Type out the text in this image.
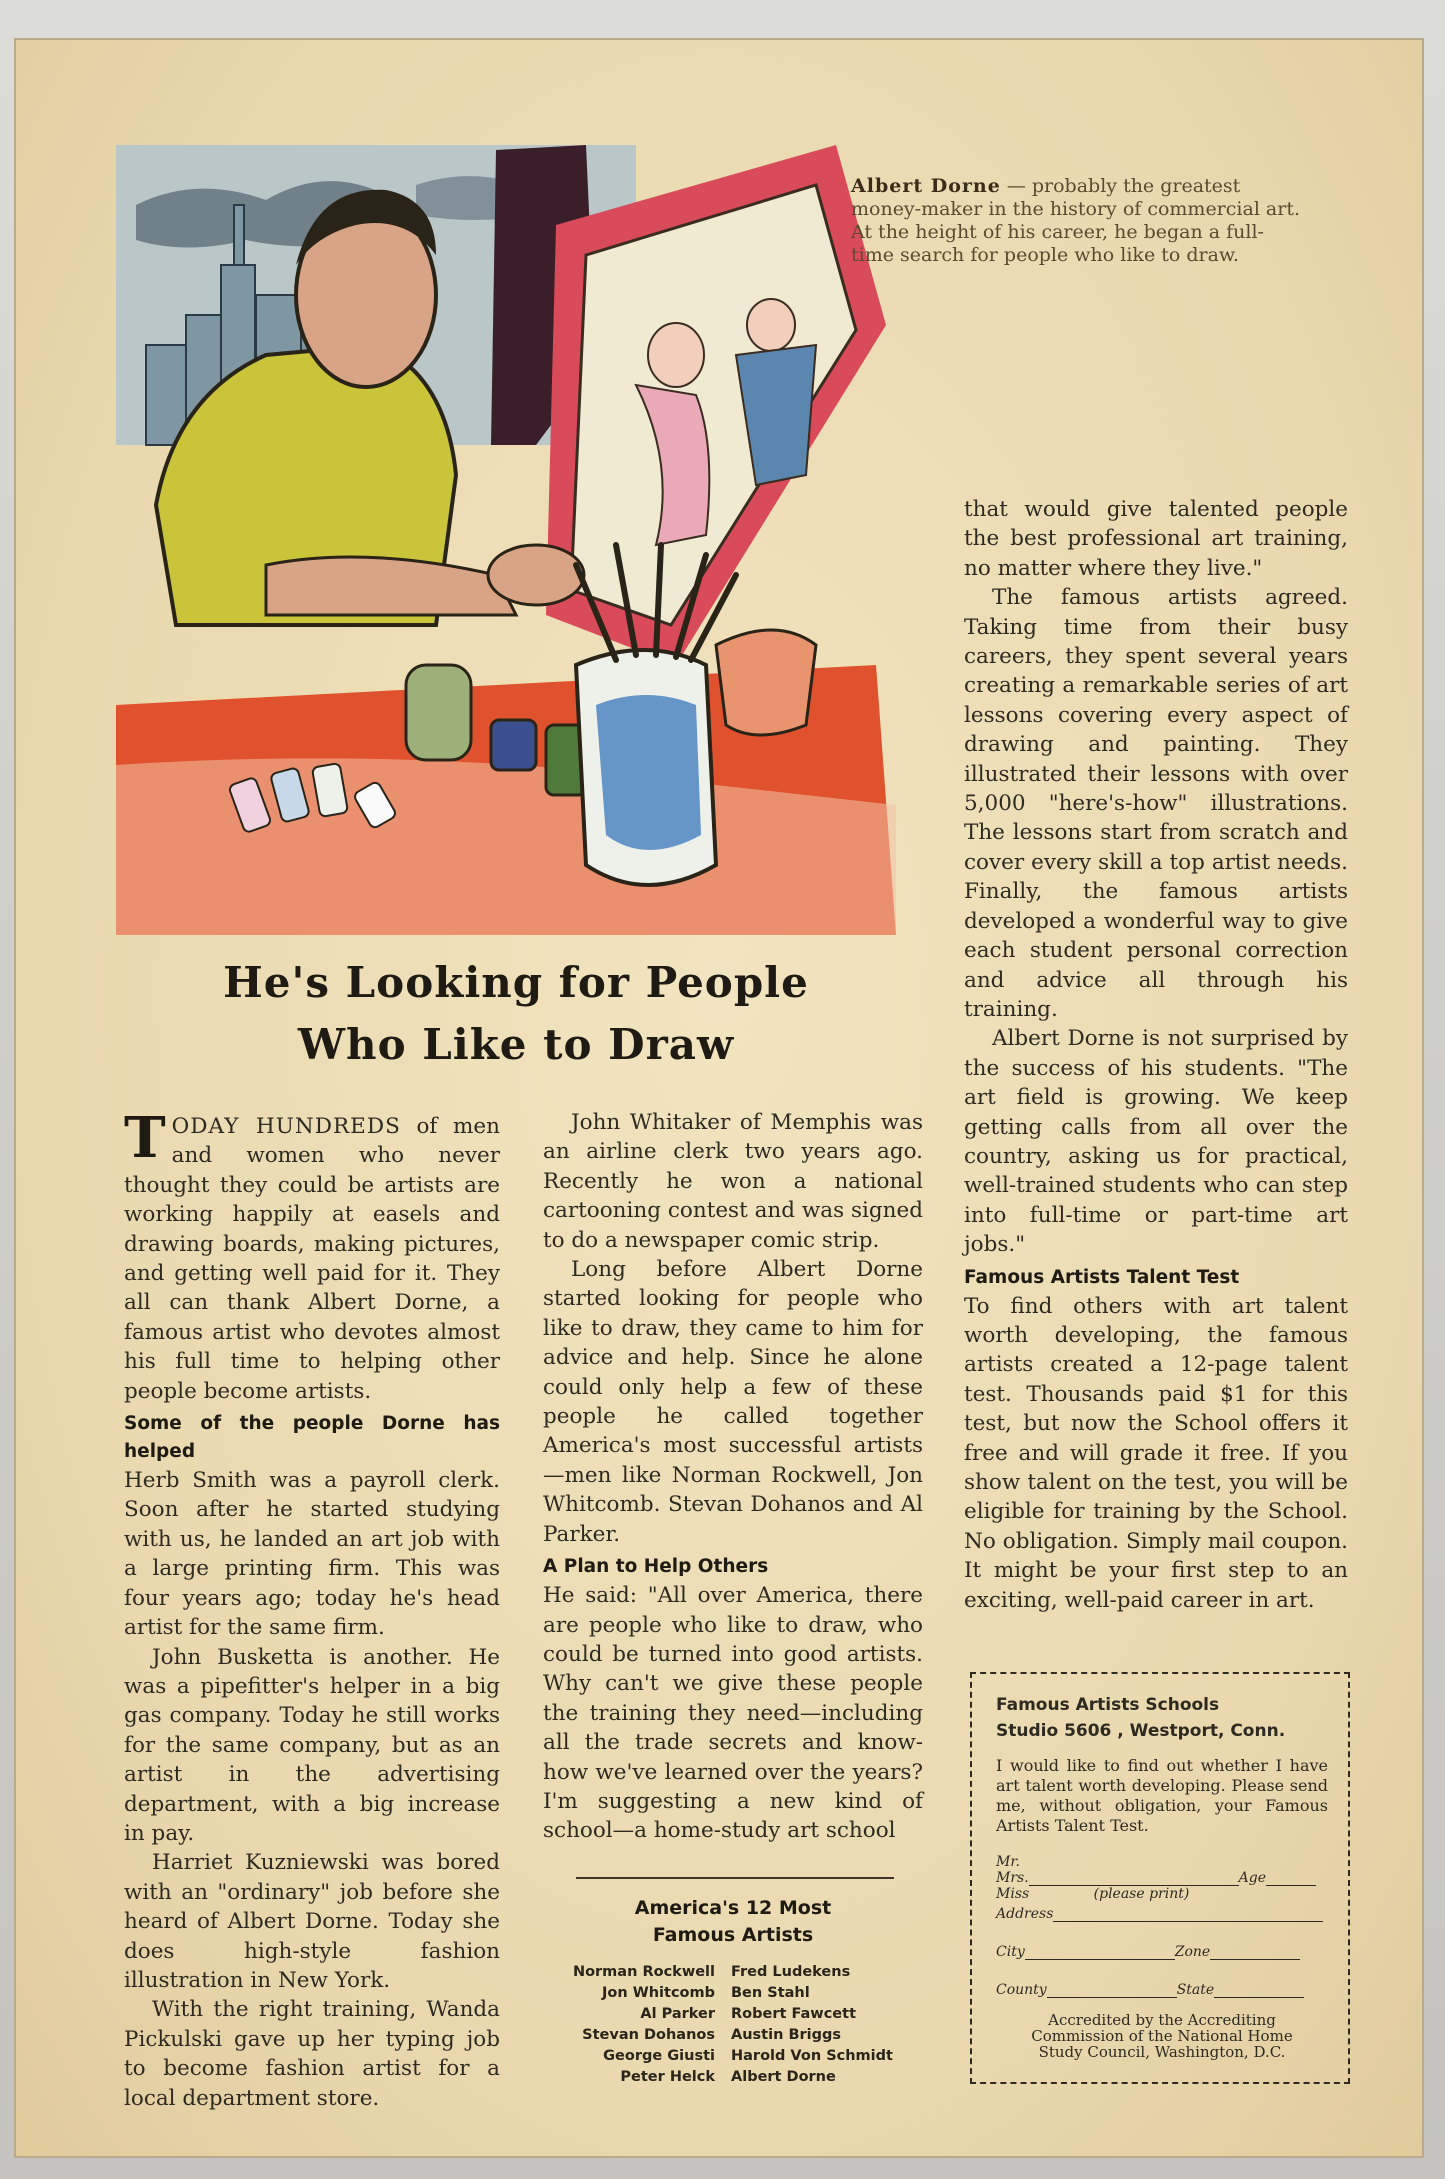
Albert Dorne — probably the greatest money-maker in the history of commercial art. At the height of his career, he began a full-time search for people who like to draw.
He's Looking for People
Who Like to Draw

TODAY HUNDREDS of men and women who never thought they could be artists are working happily at easels and drawing boards, making pictures, and getting well paid for it. They all can thank Albert Dorne, a famous artist who devotes almost his full time to helping other people become artists.

Some of the people Dorne has helped

Herb Smith was a payroll clerk. Soon after he started studying with us, he landed an art job with a large printing firm. This was four years ago; today he's head artist for the same firm.

John Busketta is another. He was a pipefitter's helper in a big gas company. Today he still works for the same company, but as an artist in the advertising department, with a big increase in pay.

Harriet Kuzniewski was bored with an "ordinary" job before she heard of Albert Dorne. Today she does high-style fashion illustration in New York.

With the right training, Wanda Pickulski gave up her typing job to become fashion artist for a local department store.

John Whitaker of Memphis was an airline clerk two years ago. Recently he won a national cartooning contest and was signed to do a newspaper comic strip.

Long before Albert Dorne started looking for people who like to draw, they came to him for advice and help. Since he alone could only help a few of these people he called together America's most successful artists —men like Norman Rockwell, Jon Whitcomb. Stevan Dohanos and Al Parker.

A Plan to Help Others

He said: "All over America, there are people who like to draw, who could be turned into good artists. Why can't we give these people the training they need—including all the trade secrets and know-how we've learned over the years? I'm suggesting a new kind of school—a home-study art school

America's 12 Most
Famous Artists
Norman Rockwell	Fred Ludekens
Jon Whitcomb	Ben Stahl
Al Parker	Robert Fawcett
Stevan Dohanos	Austin Briggs
George Giusti	Harold Von Schmidt
Peter Helck	Albert Dorne

that would give talented people the best professional art training, no matter where they live."

The famous artists agreed. Taking time from their busy careers, they spent several years creating a remarkable series of art lessons covering every aspect of drawing and painting. They illustrated their lessons with over 5,000 "here's-how" illustrations. The lessons start from scratch and cover every skill a top artist needs. Finally, the famous artists developed a wonderful way to give each student personal correction and advice all through his training.

Albert Dorne is not surprised by the success of his students. "The art field is growing. We keep getting calls from all over the country, asking us for practical, well-trained students who can step into full-time or part-time art jobs."

Famous Artists Talent Test

To find others with art talent worth developing, the famous artists created a 12-page talent test. Thousands paid $1 for this test, but now the School offers it free and will grade it free. If you show talent on the test, you will be eligible for training by the School. No obligation. Simply mail coupon. It might be your first step to an exciting, well-paid career in art.

Famous Artists Schools
Studio 5606 , Westport, Conn.
I would like to find out whether I have art talent worth developing. Please send me, without obligation, your Famous Artists Talent Test.
Mr.
Mrs.	Age
Miss	(please print)
Address
City	Zone
County	State
Accredited by the Accrediting Commission of the National Home Study Council, Washington, D.C.
